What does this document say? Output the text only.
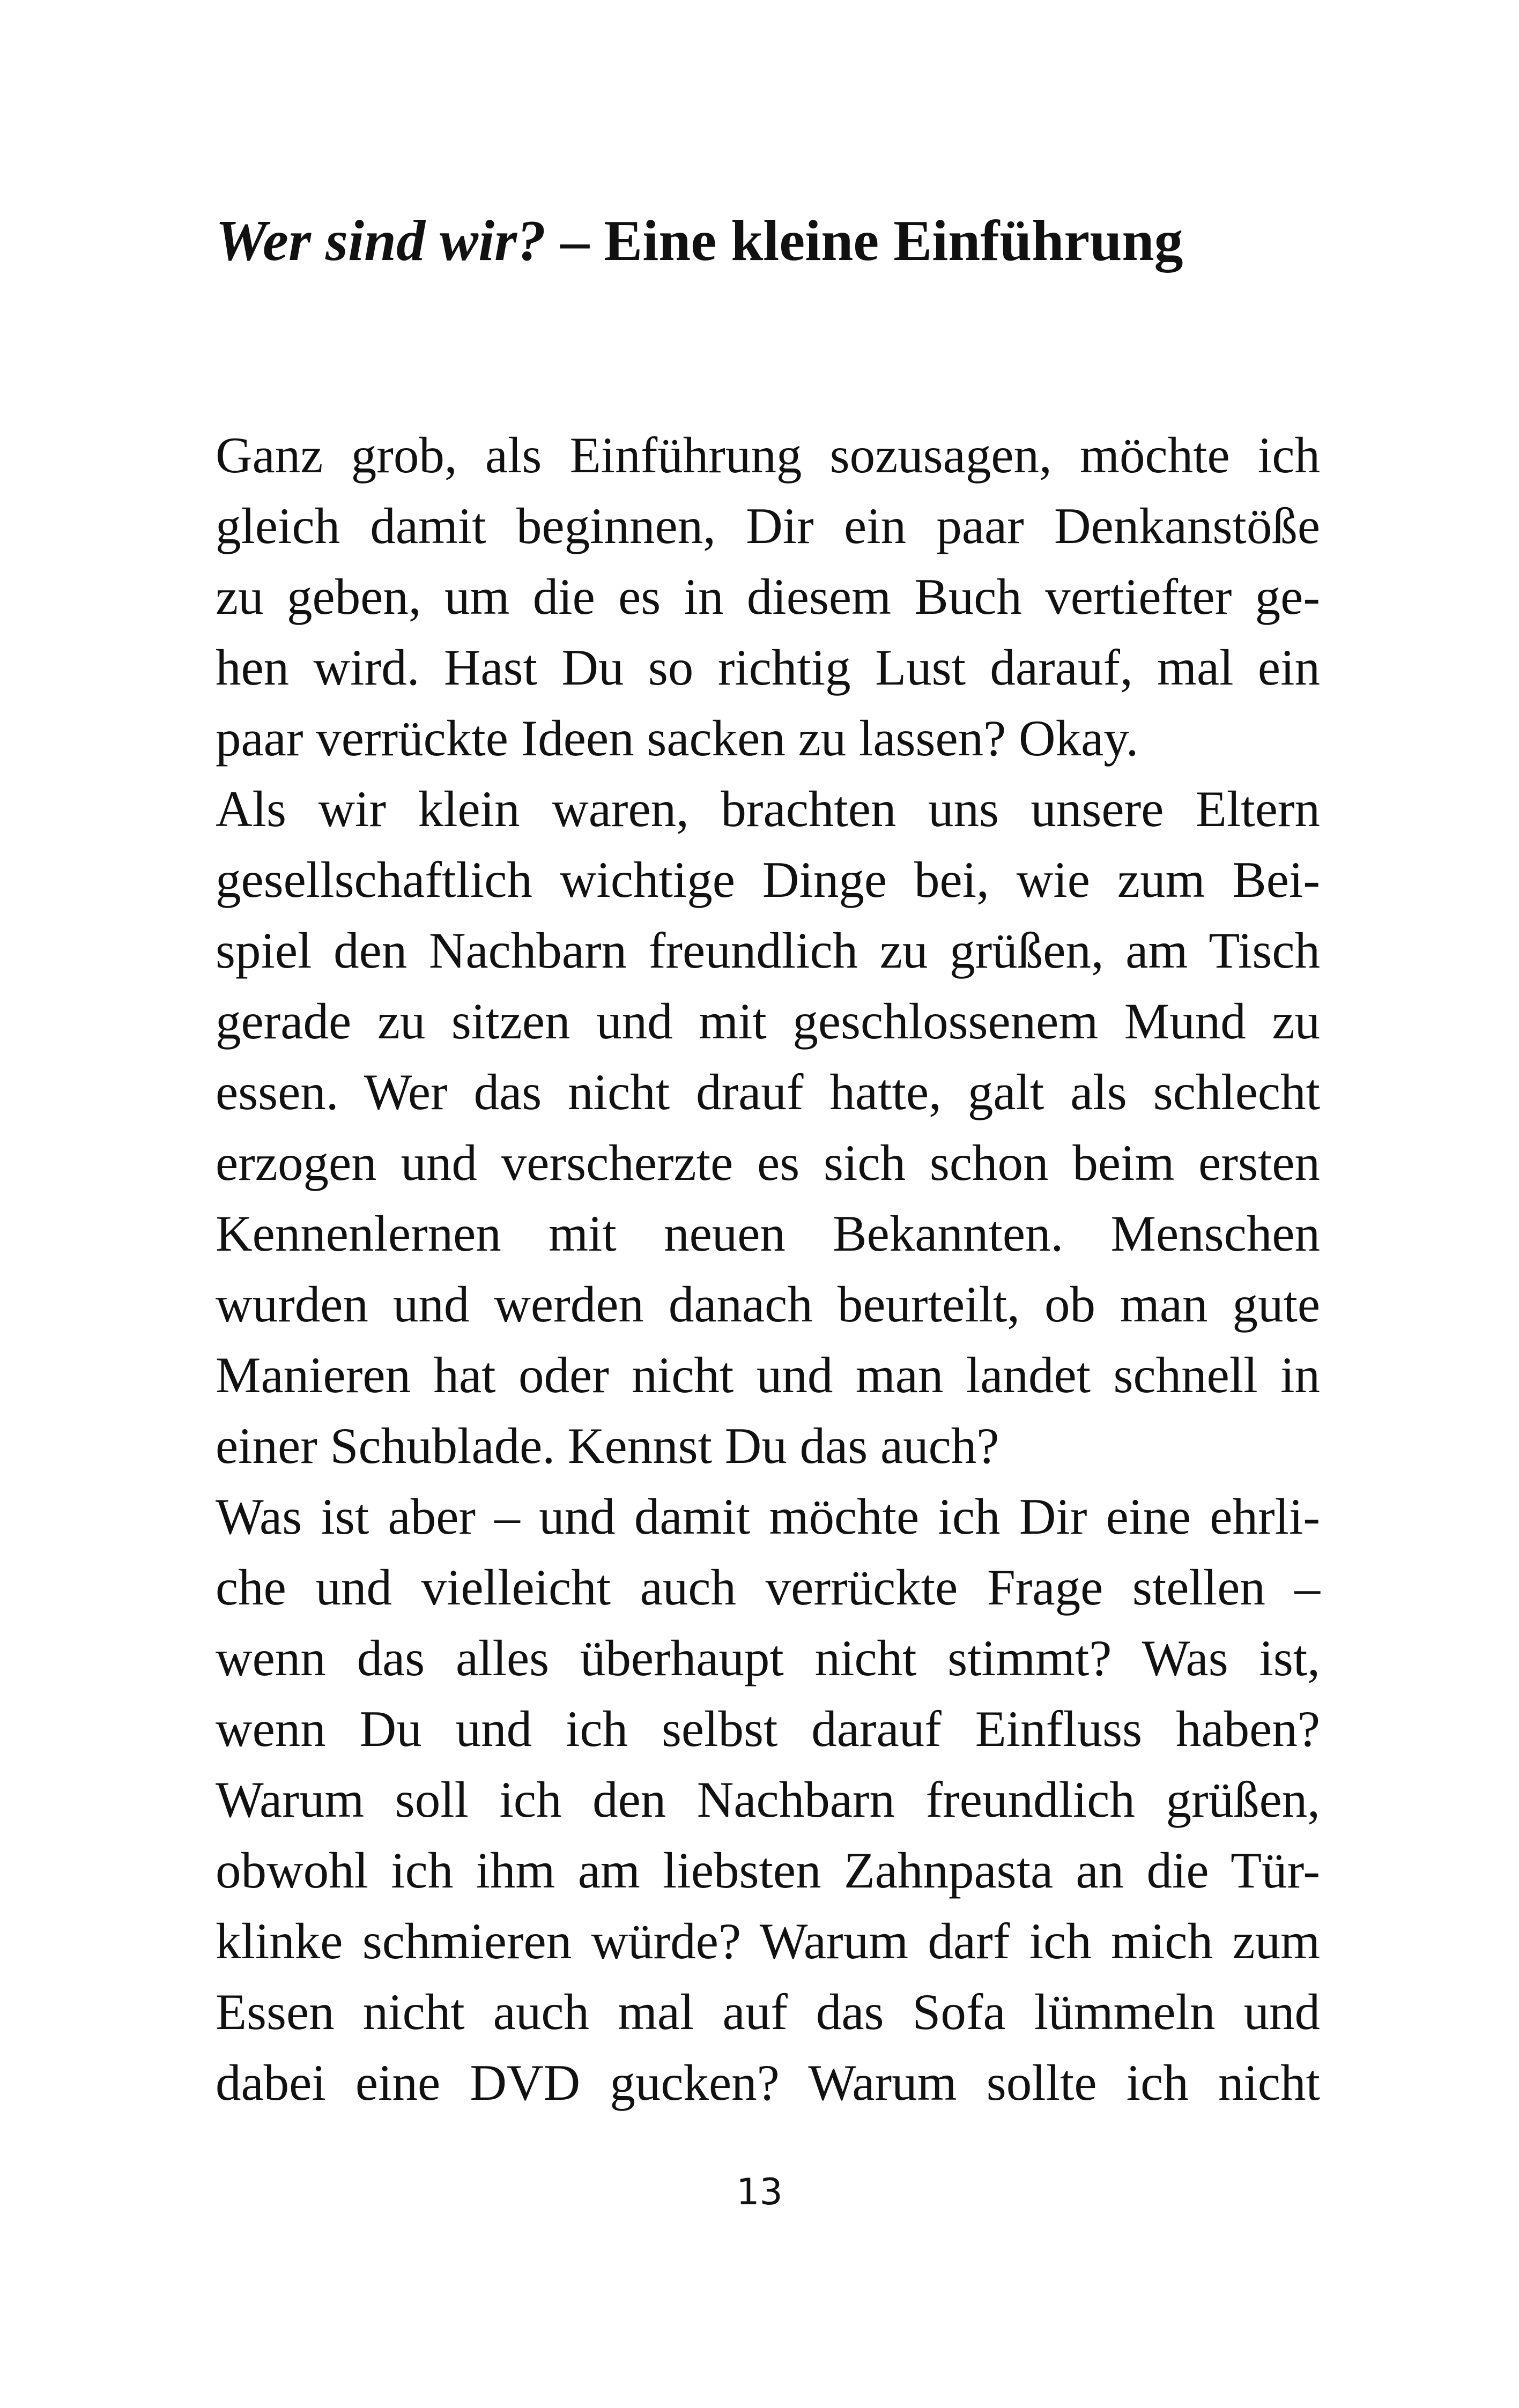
Wer sind wir? – Eine kleine Einführung
Ganz grob, als Einführung sozusagen, möchte ich
gleich damit beginnen, Dir ein paar Denkanstöße
zu geben, um die es in diesem Buch vertiefter ge-
hen wird. Hast Du so richtig Lust darauf, mal ein
paar verrückte Ideen sacken zu lassen? Okay.
Als wir klein waren, brachten uns unsere Eltern
gesellschaftlich wichtige Dinge bei, wie zum Bei-
spiel den Nachbarn freundlich zu grüßen, am Tisch
gerade zu sitzen und mit geschlossenem Mund zu
essen. Wer das nicht drauf hatte, galt als schlecht
erzogen und verscherzte es sich schon beim ersten
Kennenlernen mit neuen Bekannten. Menschen
wurden und werden danach beurteilt, ob man gute
Manieren hat oder nicht und man landet schnell in
einer Schublade. Kennst Du das auch?
Was ist aber – und damit möchte ich Dir eine ehrli-
che und vielleicht auch verrückte Frage stellen –
wenn das alles überhaupt nicht stimmt? Was ist,
wenn Du und ich selbst darauf Einfluss haben?
Warum soll ich den Nachbarn freundlich grüßen,
obwohl ich ihm am liebsten Zahnpasta an die Tür-
klinke schmieren würde? Warum darf ich mich zum
Essen nicht auch mal auf das Sofa lümmeln und
dabei eine DVD gucken? Warum sollte ich nicht
13
